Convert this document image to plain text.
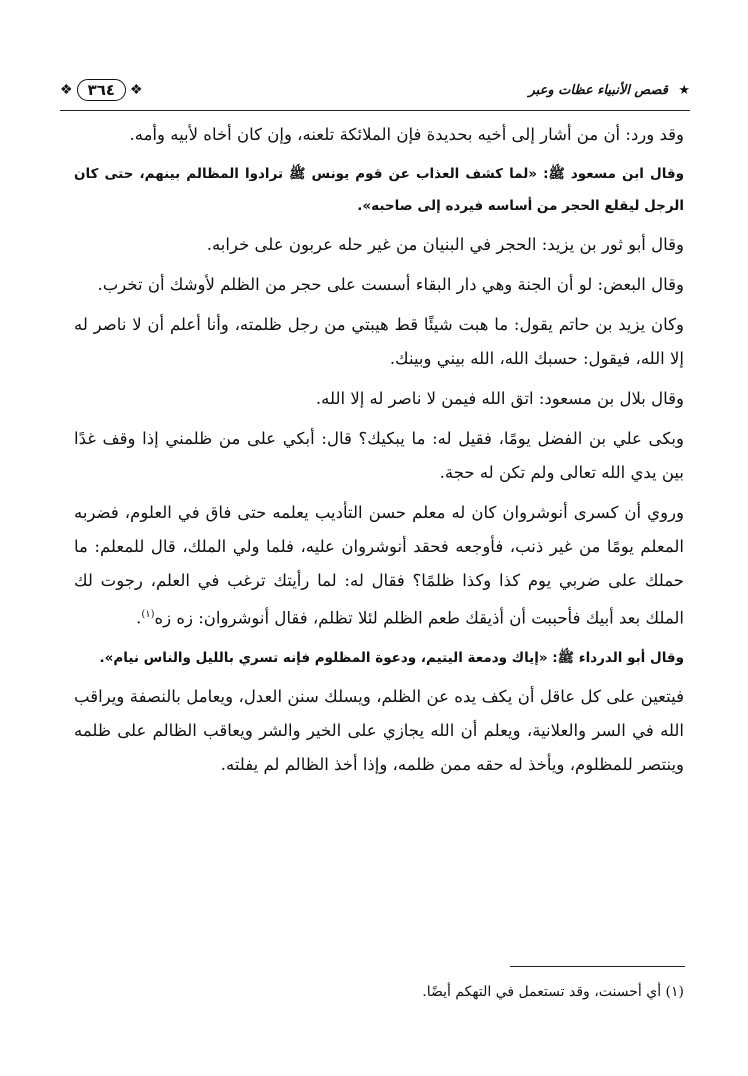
❖	٣٦٤	❖	★ قصص الأنبياء عظات وعبر

وقد ورد: أن من أشار إلى أخيه بحديدة فإن الملائكة تلعنه، وإن كان أخاه لأبيه وأمه.

وقال ابن مسعود ﷺ: «لما كشف العذاب عن قوم يونس ﷺ ترادوا المظالم بينهم، حتى كان الرجل ليقلع الحجر من أساسه فيرده إلى صاحبه».

وقال أبو ثور بن يزيد: الحجر في البنيان من غير حله عربون على خرابه.

وقال البعض: لو أن الجنة وهي دار البقاء أسست على حجر من الظلم لأوشك أن تخرب.

وكان يزيد بن حاتم يقول: ما هبت شيئًا قط هيبتي من رجل ظلمته، وأنا أعلم أن لا ناصر له إلا الله، فيقول: حسبك الله، الله بيني وبينك.

وقال بلال بن مسعود: اتق الله فيمن لا ناصر له إلا الله.

وبكى علي بن الفضل يومًا، فقيل له: ما يبكيك؟ قال: أبكي على من ظلمني إذا وقف غدًا بين يدي الله تعالى ولم تكن له حجة.

وروي أن كسرى أنوشروان كان له معلم حسن التأديب يعلمه حتى فاق في العلوم، فضربه المعلم يومًا من غير ذنب، فأوجعه فحقد أنوشروان عليه، فلما ولي الملك، قال للمعلم: ما حملك على ضربي يوم كذا وكذا ظلمًا؟ فقال له: لما رأيتك ترغب في العلم، رجوت لك الملك بعد أبيك فأحببت أن أذيقك طعم الظلم لئلا تظلم، فقال أنوشروان: زه زه$^{(١)}$.

وقال أبو الدرداء ﷺ: «إياك ودمعة اليتيم، ودعوة المظلوم فإنه تسري بالليل والناس نيام».

فيتعين على كل عاقل أن يكف يده عن الظلم، ويسلك سنن العدل، ويعامل بالنصفة ويراقب الله في السر والعلانية، ويعلم أن الله يجازي على الخير والشر ويعاقب الظالم على ظلمه وينتصر للمظلوم، ويأخذ له حقه ممن ظلمه، وإذا أخذ الظالم لم يفلته.

(١) أي أحسنت، وقد تستعمل في التهكم أيضًا.
